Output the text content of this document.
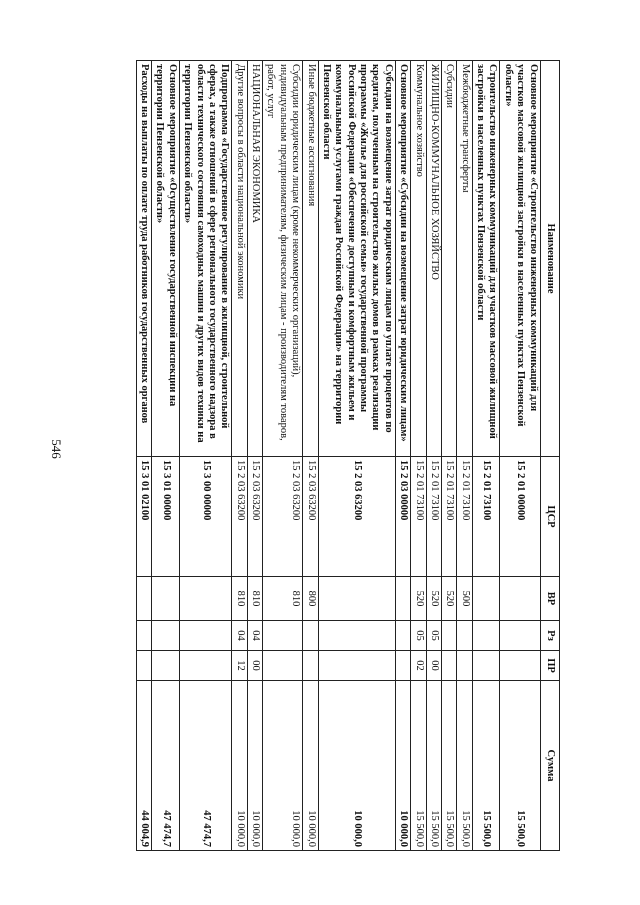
546
Наименование	ЦСР	ВР	Рз	ПР	Сумма
Основное мероприятие «Строительство инженерных коммуникаций для участков массовой жилищной застройки в населенных пунктах Пензенской области»	15 2 01 00000				15 500,0
Строительство инженерных коммуникаций для участков массовой жилищной застройки в населенных пунктах Пензенской области	15 2 01 73100				15 500,0
Межбюджетные трансферты	15 2 01 73100	500			15 500,0
Субсидии	15 2 01 73100	520			15 500,0
ЖИЛИЩНО-КОММУНАЛЬНОЕ ХОЗЯЙСТВО	15 2 01 73100	520	05	00	15 500,0
Коммунальное хозяйство	15 2 01 73100	520	05	02	15 500,0
Основное мероприятие «Субсидии на возмещение затрат юридическим лицам»	15 2 03 00000				10 000,0
Субсидии на возмещение затрат юридическим лицам по уплате процентов по кредитам, полученным на строительство жилых домов в рамках реализации программы «Жилье для российской семьи» государственной программы Российской Федерации «Обеспечение доступным и комфортным жильем и коммунальными услугами граждан Российской Федерации» на территории Пензенской области	15 2 03 63200				10 000,0
Иные бюджетные ассигнования	15 2 03 63200	800			10 000,0
Субсидии юридическим лицам (кроме некоммерческих организаций), индивидуальным предпринимателям, физическим лицам - производителям товаров, работ, услуг	15 2 03 63200	810			10 000,0
НАЦИОНАЛЬНАЯ ЭКОНОМИКА	15 2 03 63200	810	04	00	10 000,0
Другие вопросы в области национальной экономики	15 2 03 63200	810	04	12	10 000,0
Подпрограмма «Государственное регулирование в жилищной, строительной сферах, а также отношений в сфере регионального государственного надзора в области технического состояния самоходных машин и других видов техники на территории Пензенской области»	15 3 00 00000				47 474,7
Основное мероприятие «Осуществление государственной инспекции на территории Пензенской области»	15 3 01 00000				47 474,7
Расходы на выплаты по оплате труда работников государственных органов	15 3 01 02100				44 004,9
